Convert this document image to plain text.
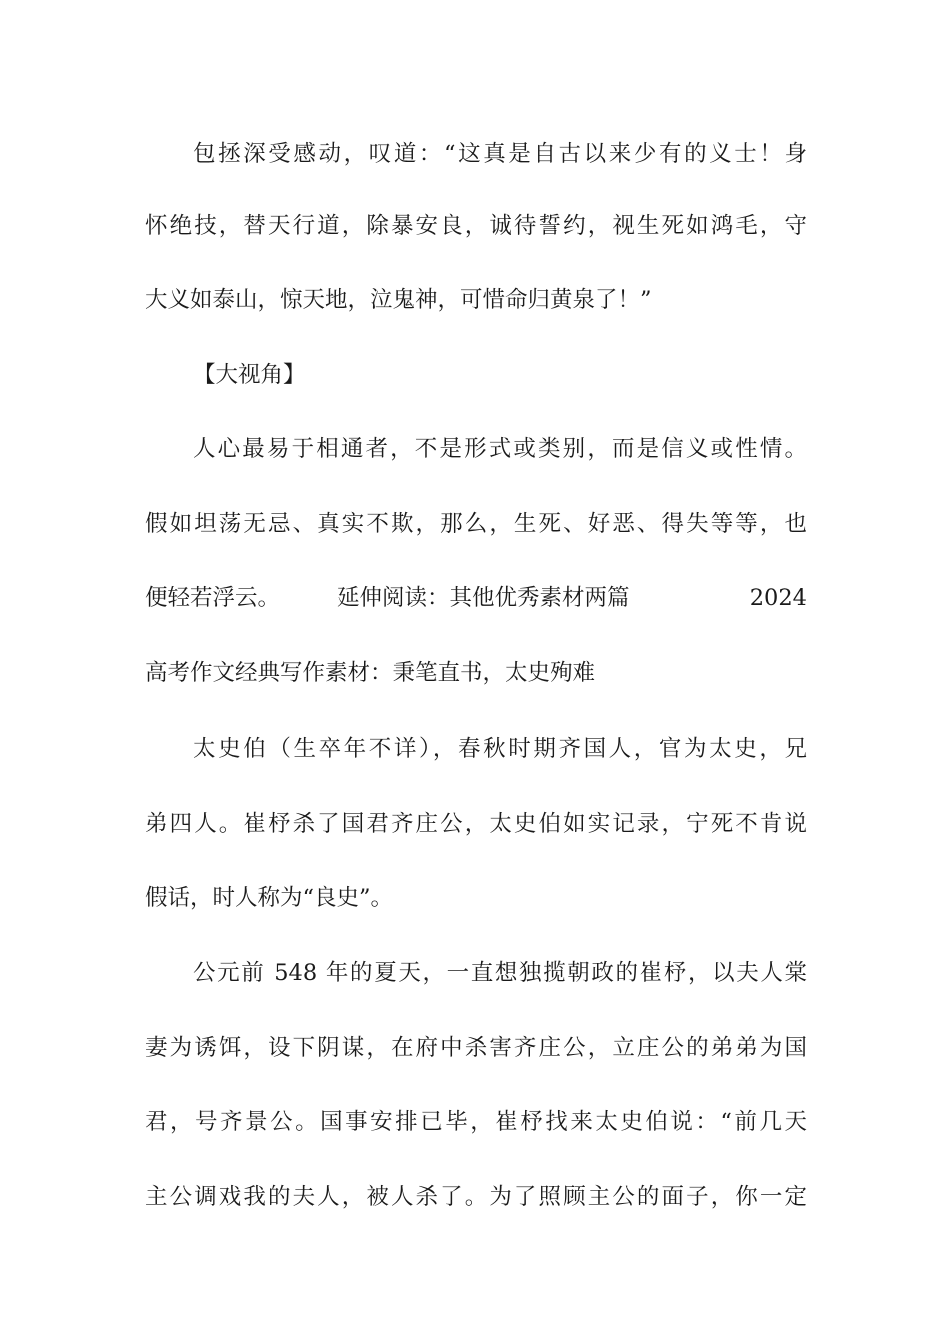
包拯深受感动，叹道：“这真是自古以来少有的义士！身
怀绝技，替天行道，除暴安良，诚待誓约，视生死如鸿毛，守
大义如泰山，惊天地，泣鬼神，可惜命归黄泉了！”
【大视角】
人心最易于相通者，不是形式或类别，而是信义或性情。
假如坦荡无忌、真实不欺，那么，生死、好恶、得失等等，也
便轻若浮云。	延伸阅读：其他优秀素材两篇	2024
高考作文经典写作素材：秉笔直书，太史殉难
太史伯（生卒年不详），春秋时期齐国人，官为太史，兄
弟四人。崔杼杀了国君齐庄公，太史伯如实记录，宁死不肯说
假话，时人称为“良史”。
公元前 548 年的夏天，一直想独揽朝政的崔杼，以夫人棠
妻为诱饵，设下阴谋，在府中杀害齐庄公，立庄公的弟弟为国
君，号齐景公。国事安排已毕，崔杼找来太史伯说：“前几天
主公调戏我的夫人，被人杀了。为了照顾主公的面子，你一定
